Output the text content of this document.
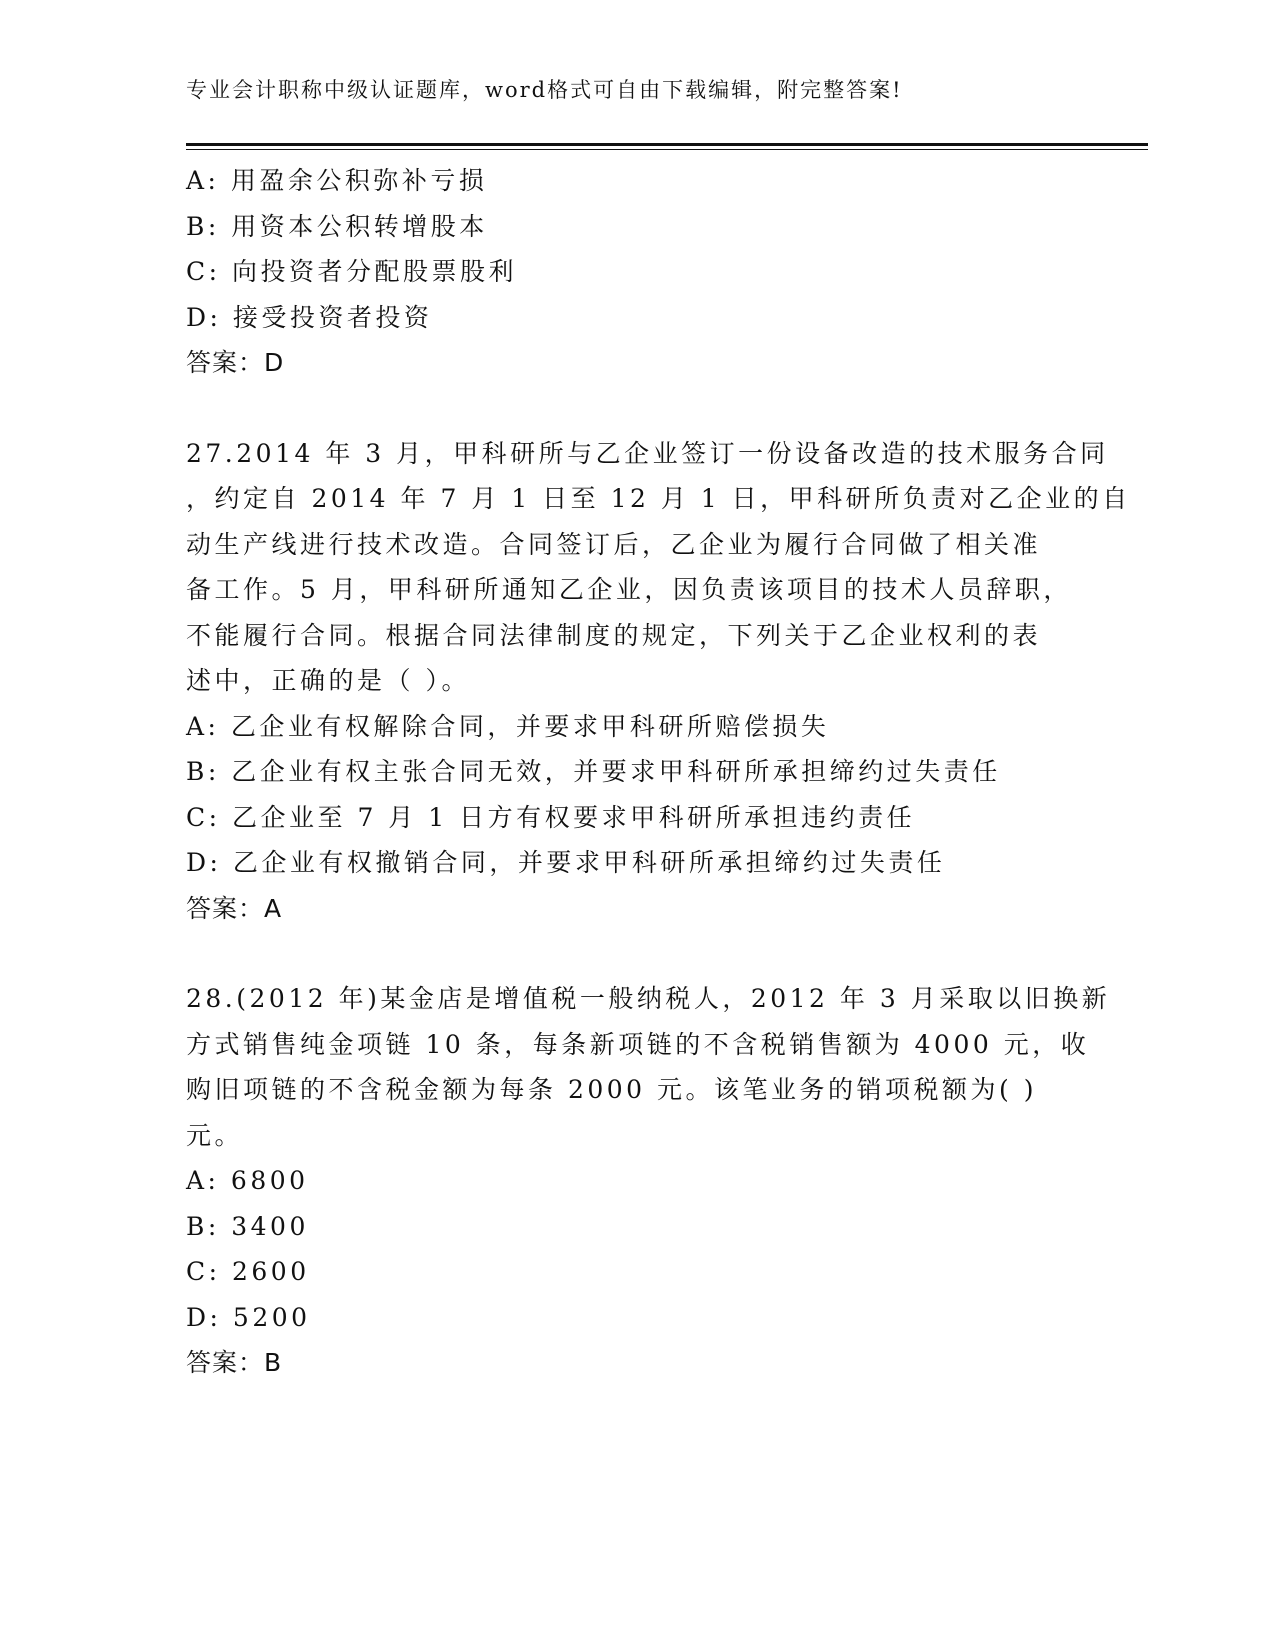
专业会计职称中级认证题库，word格式可自由下载编辑，附完整答案!
A: 用盈余公积弥补亏损
B: 用资本公积转增股本
C: 向投资者分配股票股利
D: 接受投资者投资
答案：D
27.2014 年 3 月，甲科研所与乙企业签订一份设备改造的技术服务合同
，约定自 2014 年 7 月 1 日至 12 月 1 日，甲科研所负责对乙企业的自
动生产线进行技术改造。合同签订后，乙企业为履行合同做了相关准
备工作。5 月，甲科研所通知乙企业，因负责该项目的技术人员辞职，
不能履行合同。根据合同法律制度的规定，下列关于乙企业权利的表
述中，正确的是（ ）。
A: 乙企业有权解除合同，并要求甲科研所赔偿损失
B: 乙企业有权主张合同无效，并要求甲科研所承担缔约过失责任
C: 乙企业至 7 月 1 日方有权要求甲科研所承担违约责任
D: 乙企业有权撤销合同，并要求甲科研所承担缔约过失责任
答案：A
28.(2012 年)某金店是增值税一般纳税人，2012 年 3 月采取以旧换新
方式销售纯金项链 10 条，每条新项链的不含税销售额为 4000 元，收
购旧项链的不含税金额为每条 2000 元。该笔业务的销项税额为( )
元。
A: 6800
B: 3400
C: 2600
D: 5200
答案：B
